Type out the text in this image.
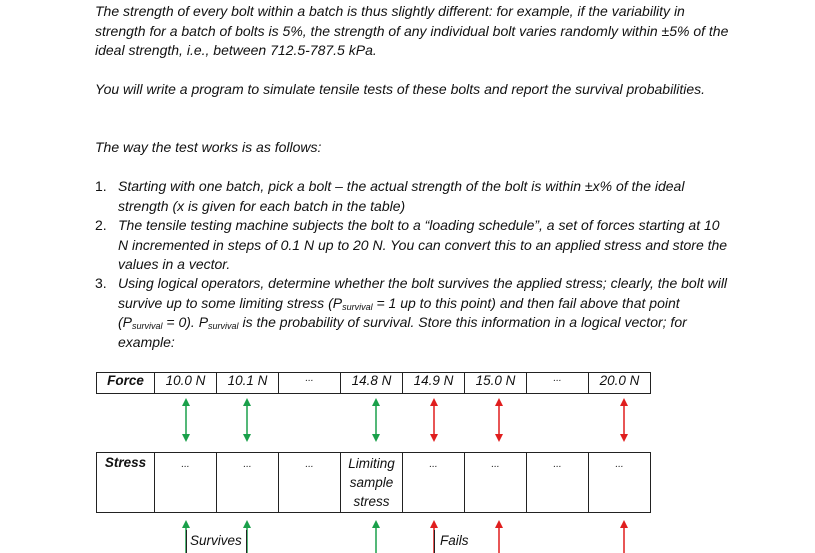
The strength of every bolt within a batch is thus slightly different: for example, if the variability in strength for a batch of bolts is 5%, the strength of any individual bolt varies randomly within ±5% of the ideal strength, i.e., between 712.5-787.5 kPa.

You will write a program to simulate tensile tests of these bolts and report the survival probabilities.

The way the test works is as follows:

1. Starting with one batch, pick a bolt – the actual strength of the bolt is within ±x% of the ideal strength (x is given for each batch in the table)
2. The tensile testing machine subjects the bolt to a “loading schedule”, a set of forces starting at 10 N incremented in steps of 0.1 N up to 20 N. You can convert this to an applied stress and store the values in a vector.
3. Using logical operators, determine whether the bolt survives the applied stress; clearly, the bolt will survive up to some limiting stress ($P_{survival} = 1$ up to this point) and then fail above that point $(P_{survival} = 0)$. $P_{survival}$ is the probability of survival. Store this information in a logical vector; for example:
Force	10.0 N	10.1 N	...	14.8 N	14.9 N	15.0 N	...	20.0 N
Stress	...	...	...	Limiting sample stress	...	...	...	...
Survives	Fails
